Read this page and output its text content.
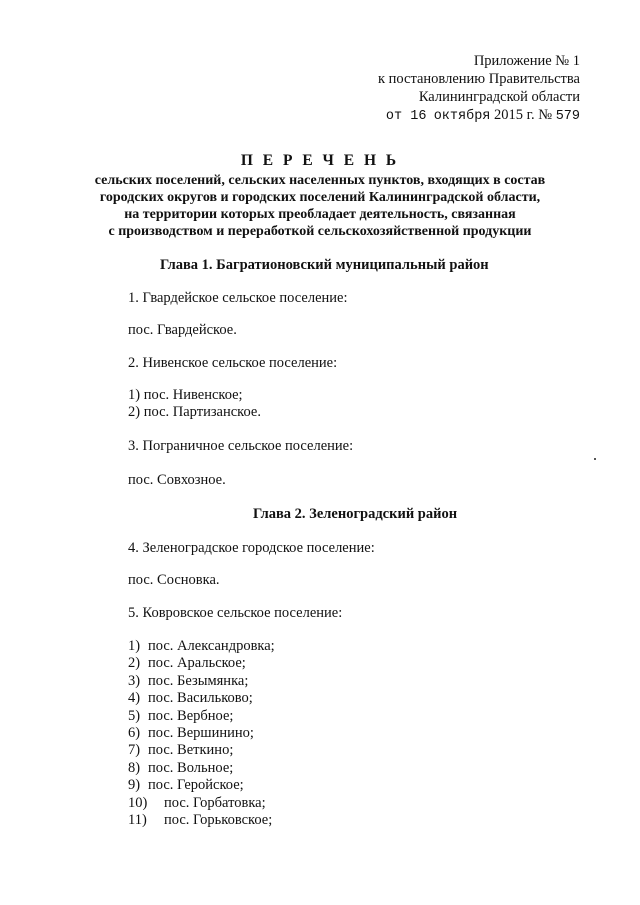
Приложение № 1
к постановлению Правительства
Калининградской области
от 16 октября 2015 г. № 579
П Е Р Е Ч Е Н Ь
сельских поселений, сельских населенных пунктов, входящих в состав
городских округов и городских поселений Калининградской области,
на территории которых преобладает деятельность, связанная
с производством и переработкой сельскохозяйственной продукции
Глава 1. Багратионовский муниципальный район
1. Гвардейское сельское поселение:
пос. Гвардейское.
2. Нивенское сельское поселение:
1) пос. Нивенское;
2) пос. Партизанское.
3. Пограничное сельское поселение:
пос. Совхозное.
Глава 2. Зеленоградский район
4. Зеленоградское городское поселение:
пос. Сосновка.
5. Ковровское сельское поселение:
1) пос. Александровка;
2) пос. Аральское;
3) пос. Безымянка;
4) пос. Васильково;
5) пос. Вербное;
6) пос. Вершинино;
7) пос. Веткино;
8) пос. Вольное;
9) пос. Геройское;
10) пос. Горбатовка;
11) пос. Горьковское;
